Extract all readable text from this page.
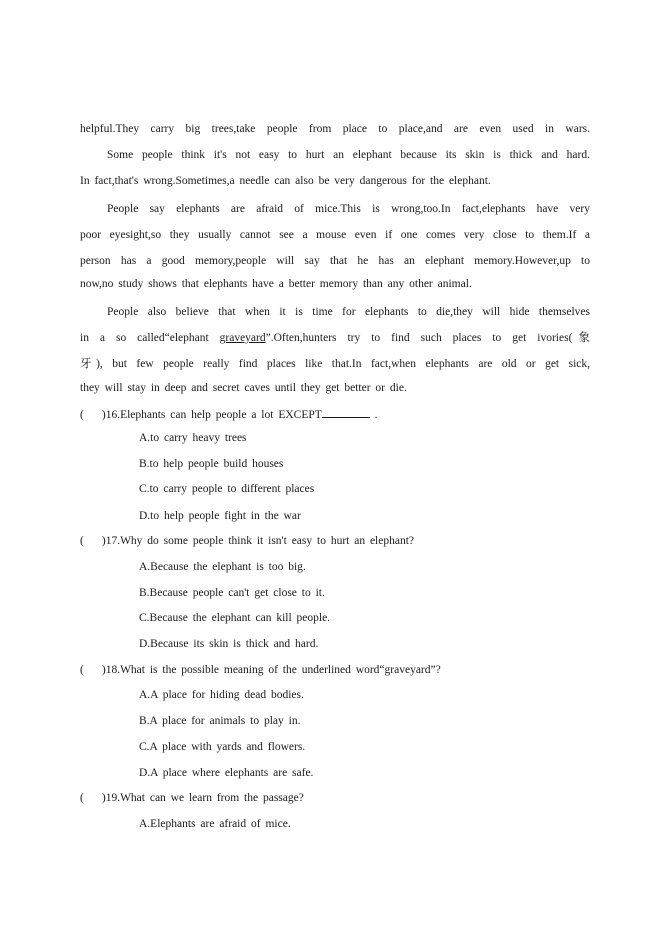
helpful.They carry big trees,take people from place to place,and are even used in wars.
Some people think it's not easy to hurt an elephant because its skin is thick and hard.
In fact,that's wrong.Sometimes,a needle can also be very dangerous for the elephant.
People say elephants are afraid of mice.This is wrong,too.In fact,elephants have very
poor eyesight,so they usually cannot see a mouse even if one comes very close to them.If a
person has a good memory,people will say that he has an elephant memory.However,up to
now,no study shows that elephants have a better memory than any other animal.
People also believe that when it is time for elephants to die,they will hide themselves
in a so called“elephant graveyard”.Often,hunters try to find such places to get ivories(象
牙), but few people really find places like that.In fact,when elephants are old or get sick,
they will stay in deep and secret caves until they get better or die.
( )16.Elephants can help people a lot EXCEPT	.
A.to carry heavy trees
B.to help people build houses
C.to carry people to different places
D.to help people fight in the war
( )17.Why do some people think it isn't easy to hurt an elephant?
A.Because the elephant is too big.
B.Because people can't get close to it.
C.Because the elephant can kill people.
D.Because its skin is thick and hard.
( )18.What is the possible meaning of the underlined word“graveyard”?
A.A place for hiding dead bodies.
B.A place for animals to play in.
C.A place with yards and flowers.
D.A place where elephants are safe.
( )19.What can we learn from the passage?
A.Elephants are afraid of mice.
